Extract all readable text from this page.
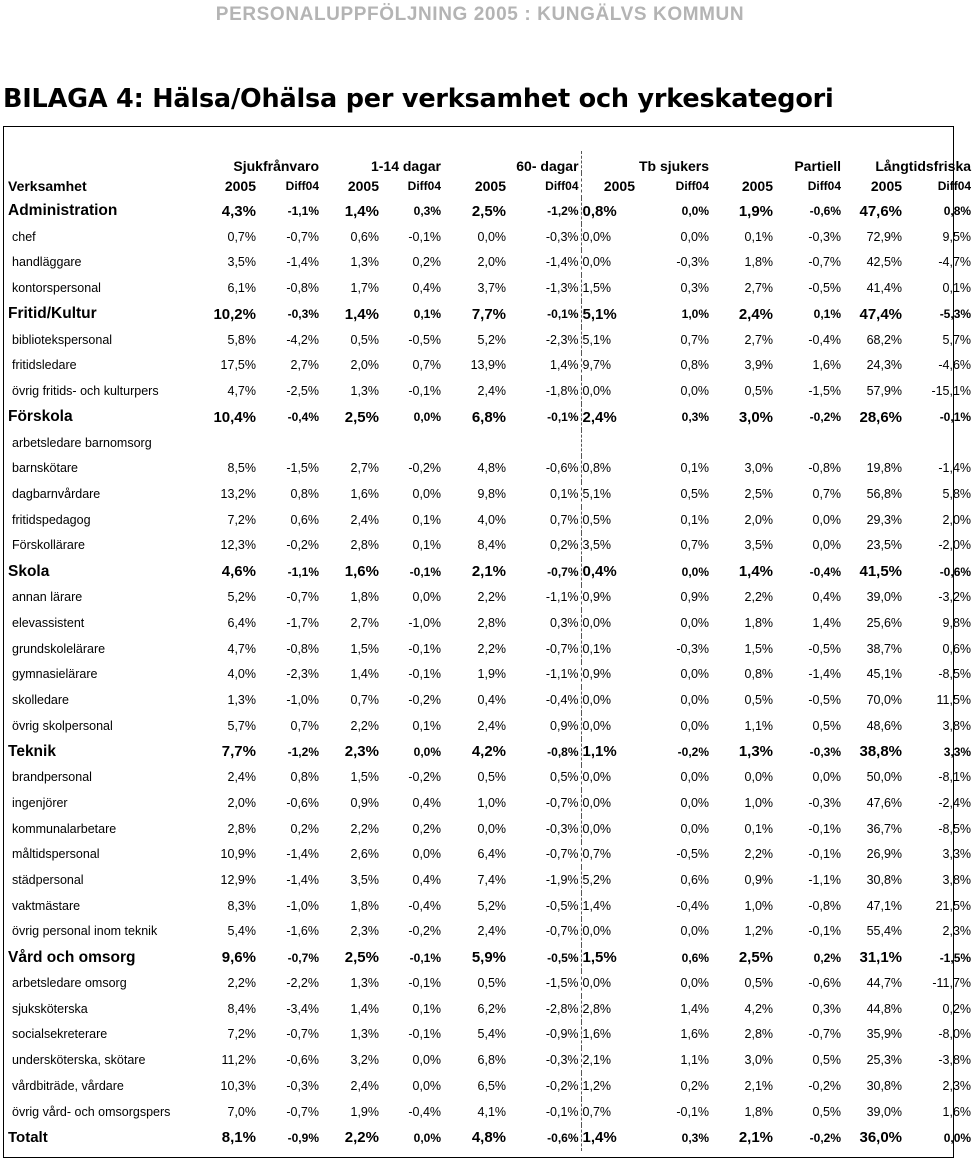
PERSONALUPPFÖLJNING 2005 : KUNGÄLVS KOMMUN
BILAGA 4: Hälsa/Ohälsa per verksamhet och yrkeskategori
	Sjukfrånvaro		1-14 dagar		60- dagar		Tb sjukers		Partiell		Långtidsfriska	
Verksamhet	2005	Diff04	2005	Diff04	2005	Diff04	2005	Diff04	2005	Diff04	2005	Diff04
Administration	4,3%	-1,1%	1,4%	0,3%	2,5%	-1,2%	0,8%	0,0%	1,9%	-0,6%	47,6%	0,8%
chef	0,7%	-0,7%	0,6%	-0,1%	0,0%	-0,3%	0,0%	0,0%	0,1%	-0,3%	72,9%	9,5%
handläggare	3,5%	-1,4%	1,3%	0,2%	2,0%	-1,4%	0,0%	-0,3%	1,8%	-0,7%	42,5%	-4,7%
kontorspersonal	6,1%	-0,8%	1,7%	0,4%	3,7%	-1,3%	1,5%	0,3%	2,7%	-0,5%	41,4%	0,1%
Fritid/Kultur	10,2%	-0,3%	1,4%	0,1%	7,7%	-0,1%	5,1%	1,0%	2,4%	0,1%	47,4%	-5,3%
bibliotekspersonal	5,8%	-4,2%	0,5%	-0,5%	5,2%	-2,3%	5,1%	0,7%	2,7%	-0,4%	68,2%	5,7%
fritidsledare	17,5%	2,7%	2,0%	0,7%	13,9%	1,4%	9,7%	0,8%	3,9%	1,6%	24,3%	-4,6%
övrig fritids- och kulturpers	4,7%	-2,5%	1,3%	-0,1%	2,4%	-1,8%	0,0%	0,0%	0,5%	-1,5%	57,9%	-15,1%
Förskola	10,4%	-0,4%	2,5%	0,0%	6,8%	-0,1%	2,4%	0,3%	3,0%	-0,2%	28,6%	-0,1%
arbetsledare barnomsorg												
barnskötare	8,5%	-1,5%	2,7%	-0,2%	4,8%	-0,6%	0,8%	0,1%	3,0%	-0,8%	19,8%	-1,4%
dagbarnvårdare	13,2%	0,8%	1,6%	0,0%	9,8%	0,1%	5,1%	0,5%	2,5%	0,7%	56,8%	5,8%
fritidspedagog	7,2%	0,6%	2,4%	0,1%	4,0%	0,7%	0,5%	0,1%	2,0%	0,0%	29,3%	2,0%
Förskollärare	12,3%	-0,2%	2,8%	0,1%	8,4%	0,2%	3,5%	0,7%	3,5%	0,0%	23,5%	-2,0%
Skola	4,6%	-1,1%	1,6%	-0,1%	2,1%	-0,7%	0,4%	0,0%	1,4%	-0,4%	41,5%	-0,6%
annan lärare	5,2%	-0,7%	1,8%	0,0%	2,2%	-1,1%	0,9%	0,9%	2,2%	0,4%	39,0%	-3,2%
elevassistent	6,4%	-1,7%	2,7%	-1,0%	2,8%	0,3%	0,0%	0,0%	1,8%	1,4%	25,6%	9,8%
grundskolelärare	4,7%	-0,8%	1,5%	-0,1%	2,2%	-0,7%	0,1%	-0,3%	1,5%	-0,5%	38,7%	0,6%
gymnasielärare	4,0%	-2,3%	1,4%	-0,1%	1,9%	-1,1%	0,9%	0,0%	0,8%	-1,4%	45,1%	-8,5%
skolledare	1,3%	-1,0%	0,7%	-0,2%	0,4%	-0,4%	0,0%	0,0%	0,5%	-0,5%	70,0%	11,5%
övrig skolpersonal	5,7%	0,7%	2,2%	0,1%	2,4%	0,9%	0,0%	0,0%	1,1%	0,5%	48,6%	3,8%
Teknik	7,7%	-1,2%	2,3%	0,0%	4,2%	-0,8%	1,1%	-0,2%	1,3%	-0,3%	38,8%	3,3%
brandpersonal	2,4%	0,8%	1,5%	-0,2%	0,5%	0,5%	0,0%	0,0%	0,0%	0,0%	50,0%	-8,1%
ingenjörer	2,0%	-0,6%	0,9%	0,4%	1,0%	-0,7%	0,0%	0,0%	1,0%	-0,3%	47,6%	-2,4%
kommunalarbetare	2,8%	0,2%	2,2%	0,2%	0,0%	-0,3%	0,0%	0,0%	0,1%	-0,1%	36,7%	-8,5%
måltidspersonal	10,9%	-1,4%	2,6%	0,0%	6,4%	-0,7%	0,7%	-0,5%	2,2%	-0,1%	26,9%	3,3%
städpersonal	12,9%	-1,4%	3,5%	0,4%	7,4%	-1,9%	5,2%	0,6%	0,9%	-1,1%	30,8%	3,8%
vaktmästare	8,3%	-1,0%	1,8%	-0,4%	5,2%	-0,5%	1,4%	-0,4%	1,0%	-0,8%	47,1%	21,5%
övrig personal inom teknik	5,4%	-1,6%	2,3%	-0,2%	2,4%	-0,7%	0,0%	0,0%	1,2%	-0,1%	55,4%	2,3%
Vård och omsorg	9,6%	-0,7%	2,5%	-0,1%	5,9%	-0,5%	1,5%	0,6%	2,5%	0,2%	31,1%	-1,5%
arbetsledare omsorg	2,2%	-2,2%	1,3%	-0,1%	0,5%	-1,5%	0,0%	0,0%	0,5%	-0,6%	44,7%	-11,7%
sjuksköterska	8,4%	-3,4%	1,4%	0,1%	6,2%	-2,8%	2,8%	1,4%	4,2%	0,3%	44,8%	0,2%
socialsekreterare	7,2%	-0,7%	1,3%	-0,1%	5,4%	-0,9%	1,6%	1,6%	2,8%	-0,7%	35,9%	-8,0%
undersköterska, skötare	11,2%	-0,6%	3,2%	0,0%	6,8%	-0,3%	2,1%	1,1%	3,0%	0,5%	25,3%	-3,8%
vårdbiträde, vårdare	10,3%	-0,3%	2,4%	0,0%	6,5%	-0,2%	1,2%	0,2%	2,1%	-0,2%	30,8%	2,3%
övrig vård- och omsorgspers	7,0%	-0,7%	1,9%	-0,4%	4,1%	-0,1%	0,7%	-0,1%	1,8%	0,5%	39,0%	1,6%
Totalt	8,1%	-0,9%	2,2%	0,0%	4,8%	-0,6%	1,4%	0,3%	2,1%	-0,2%	36,0%	0,0%
